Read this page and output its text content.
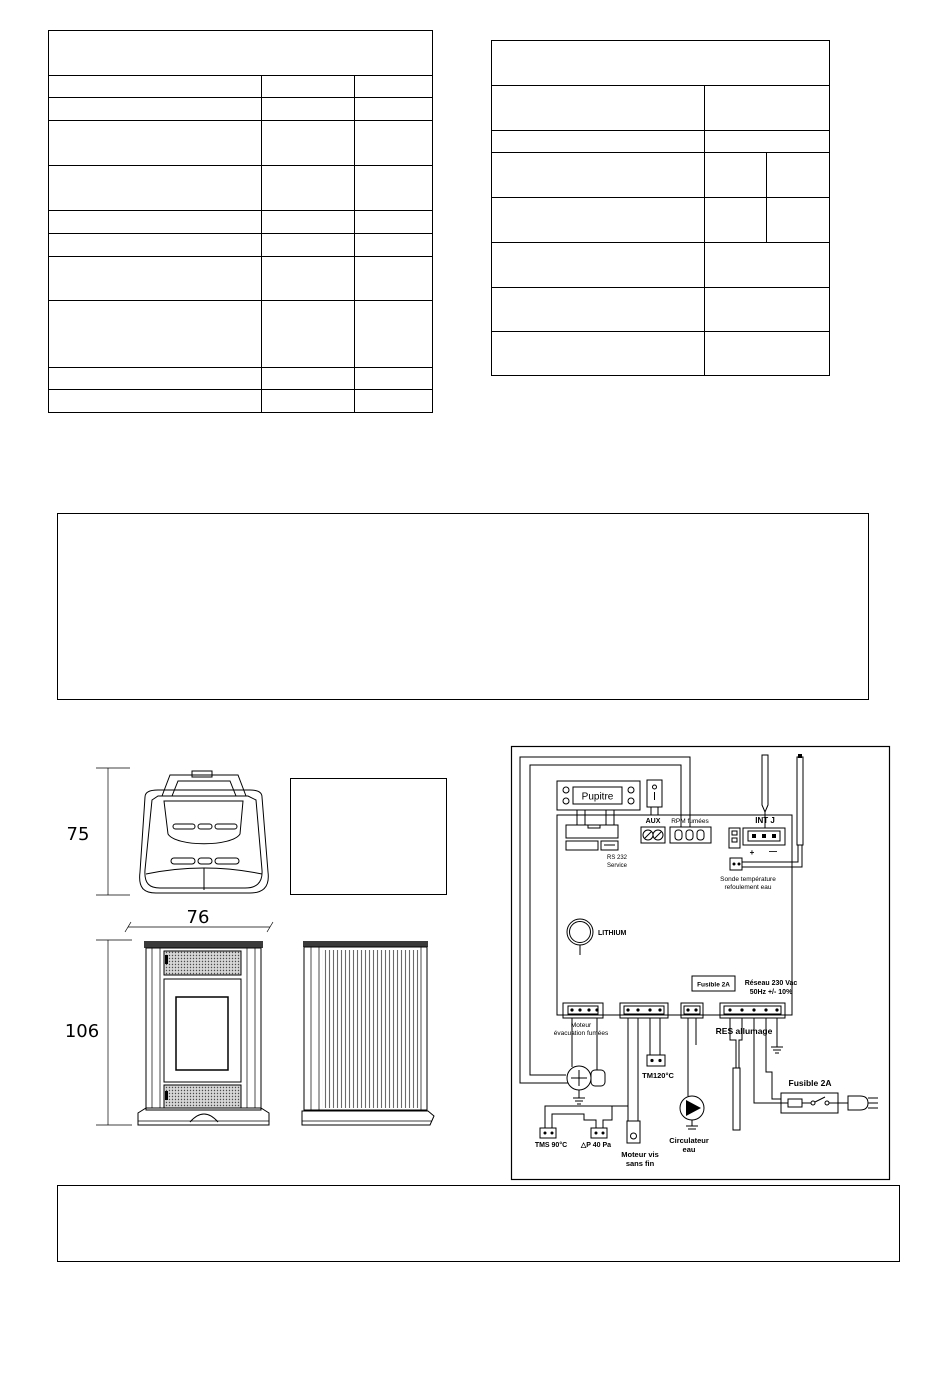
75
76
106
Pupitre
RS 232
Service
AUX RPM fumées	INT J
+ —
Sonde température
refoulement eau
LITHIUM
Fusible 2A Réseau 230 Vac
50Hz +/- 10%
Moteur
évacuation fumées	RES allumage
TM120°C
Moteur vis
sans fin
TMS 90°C △P 40 Pa
Circulateur
eau
Fusible 2A
